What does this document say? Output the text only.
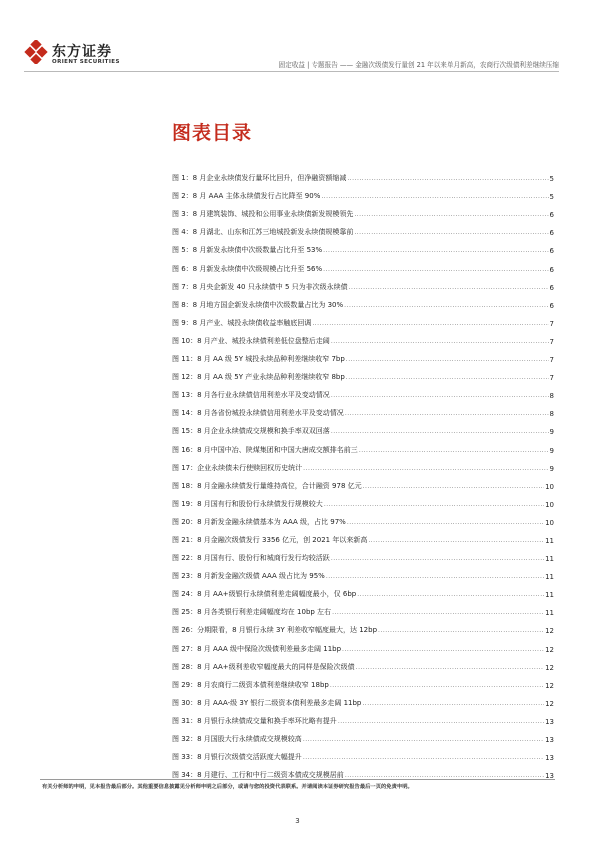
东方证券
ORIENT SECURITIES	固定收益 | 专题报告 —— 金融次级债发行量创 21 年以来单月新高，农商行次级债利差继续压缩
图表目录
图 1：8 月企业永续债发行量环比回升，但净融资额缩减 .....	5
图 2：8 月 AAA 主体永续债发行占比降至 90% .....	5
图 3：8 月建筑装饰、城投和公用事业永续债新发规模领先 .....	6
图 4：8 月湖北、山东和江苏三地城投新发永续债规模靠前 .....	6
图 5：8 月新发永续债中次级数量占比升至 53% .....	6
图 6：8 月新发永续债中次级规模占比升至 56% .....	6
图 7：8 月央企新发 40 只永续债中 5 只为非次级永续债 .....	6
图 8：8 月地方国企新发永续债中次级数量占比为 30% .....	6
图 9：8 月产业、城投永续债收益率触底回调 .....	7
图 10：8 月产业、城投永续债利差低位盘整后走阔 .....	7
图 11：8 月 AA 级 5Y 城投永续品种利差继续收窄 7bp .....	7
图 12：8 月 AA 级 5Y 产业永续品种利差继续收窄 8bp .....	7
图 13：8 月各行业永续债信用利差水平及变动情况 .....	8
图 14：8 月各省份城投永续债信用利差水平及变动情况 .....	8
图 15：8 月企业永续债成交规模和换手率双双回落 .....	9
图 16：8 月中国中冶、陕煤集团和中国大唐成交额排名前三 .....	9
图 17：企业永续债未行使赎回权历史统计 .....	9
图 18：8 月金融永续债发行量维持高位，合计融资 978 亿元 .....	10
图 19：8 月国有行和股份行永续债发行规模较大 .....	10
图 20：8 月新发金融永续债基本为 AAA 级，占比 97% .....	10
图 21：8 月金融次级债发行 3356 亿元，创 2021 年以来新高 .....	11
图 22：8 月国有行、股份行和城商行发行均较活跃 .....	11
图 23：8 月新发金融次级债 AAA 级占比为 95% .....	11
图 24：8 月 AA+级银行永续债利差走阔幅度最小，仅 6bp .....	11
图 25：8 月各类银行利差走阔幅度均在 10bp 左右 .....	11
图 26：分期限看，8 月银行永续 3Y 利差收窄幅度最大，达 12bp .....	12
图 27：8 月 AAA 级中保险次级债利差最多走阔 11bp .....	12
图 28：8 月 AA+级利差收窄幅度最大的同样是保险次级债 .....	12
图 29：8 月农商行二级资本债利差继续收窄 18bp .....	12
图 30：8 月 AAA-级 3Y 银行二级资本债利差最多走阔 11bp .....	12
图 31：8 月银行永续债成交量和换手率环比略有提升 .....	13
图 32：8 月国股大行永续债成交规模较高 .....	13
图 33：8 月银行次级债交活跃度大幅提升 .....	13
图 34：8 月建行、工行和中行二级资本债成交规模居前 .....	13
有关分析师的申明，见本报告最后部分。其他重要信息披露见分析师申明之后部分，或请与您的投资代表联系。并请阅读本证券研究报告最后一页的免责申明。
3
